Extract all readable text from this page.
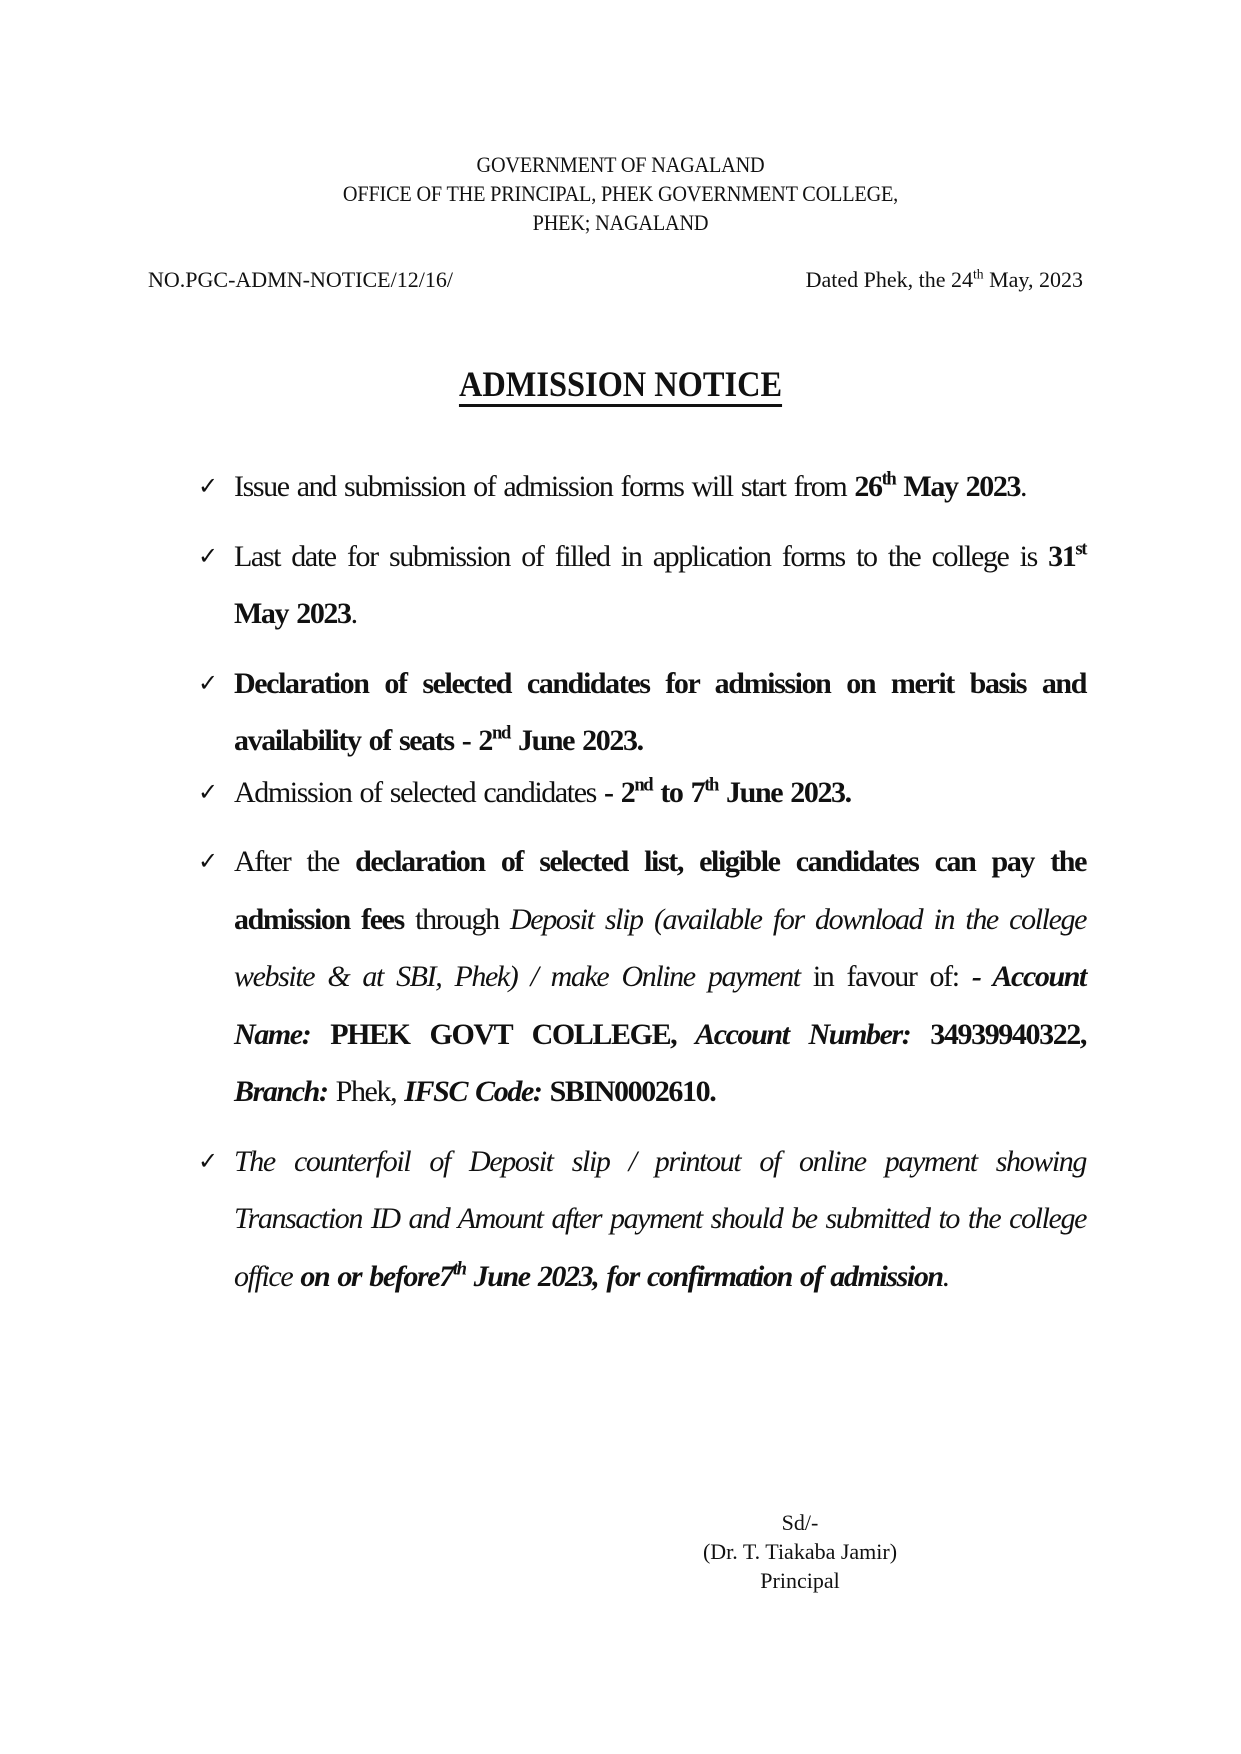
GOVERNMENT OF NAGALAND
OFFICE OF THE PRINCIPAL, PHEK GOVERNMENT COLLEGE,
PHEK; NAGALAND
NO.PGC-ADMN-NOTICE/12/16/	Dated Phek, the 24th May, 2023
ADMISSION NOTICE
✓ Issue and submission of admission forms will start from 26th May 2023.
✓ Last date for submission of filled in application forms to the college is 31st May 2023.
✓ Declaration of selected candidates for admission on merit basis and availability of seats - 2nd June 2023.
✓ Admission of selected candidates - 2nd to 7th June 2023.
✓ After the declaration of selected list, eligible candidates can pay the admission fees through Deposit slip (available for download in the college website & at SBI, Phek) / make Online payment in favour of: - Account Name: PHEK GOVT COLLEGE, Account Number: 34939940322, Branch: Phek, IFSC Code: SBIN0002610.
✓ The counterfoil of Deposit slip / printout of online payment showing Transaction ID and Amount after payment should be submitted to the college office on or before7th June 2023, for confirmation of admission.
Sd/-
(Dr. T. Tiakaba Jamir)
Principal
